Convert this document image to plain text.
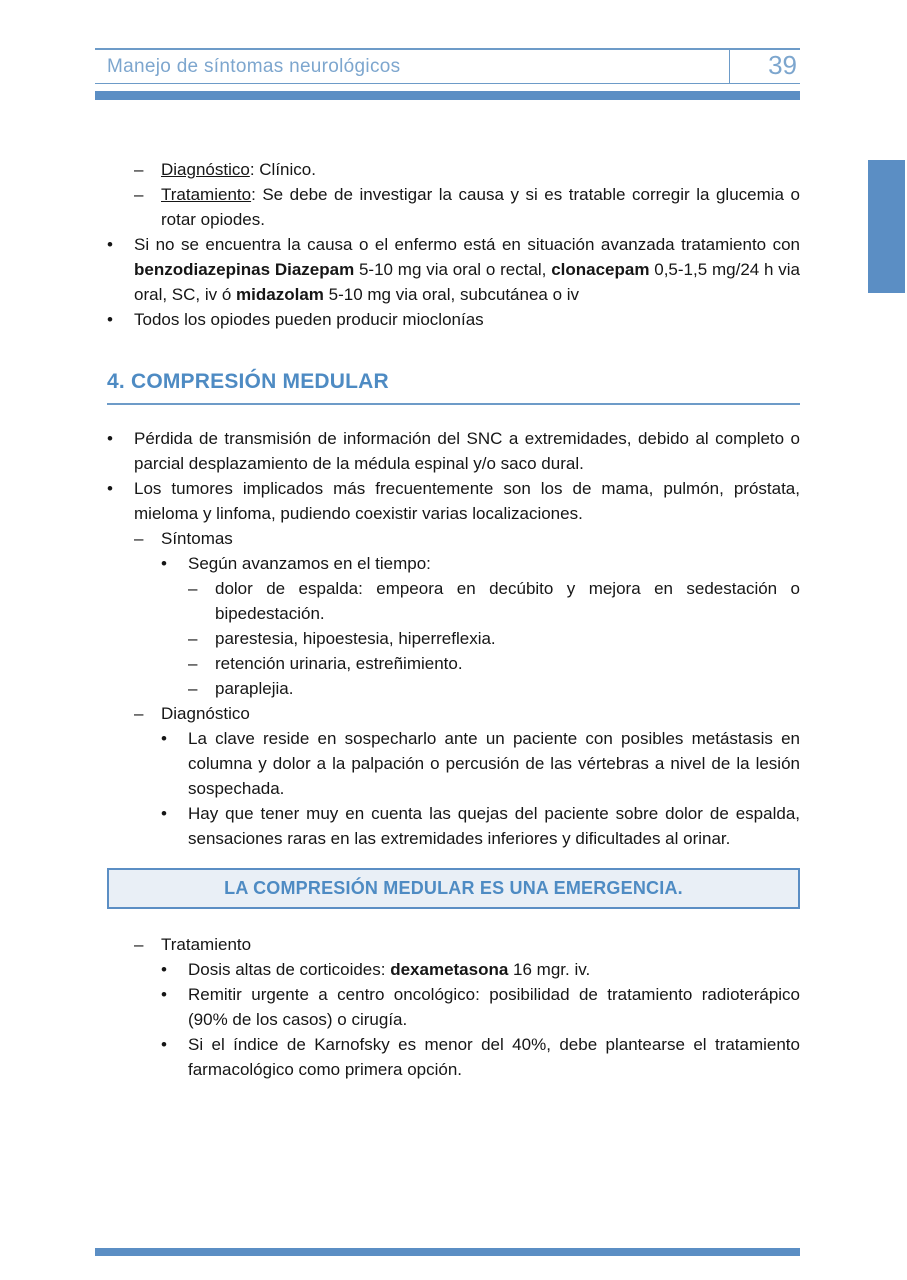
Manejo de síntomas neurológicos	39
–	Diagnóstico: Clínico.
–	Tratamiento: Se debe de investigar la causa y si es tratable corregir la glucemia o rotar opiodes.
•	Si no se encuentra la causa o el enfermo está en situación avanzada tratamiento con benzodiazepinas Diazepam 5-10 mg via oral o rectal, clonacepam 0,5-1,5 mg/24 h via oral, SC, iv ó midazolam 5-10 mg via oral, subcutánea o iv
•	Todos los opiodes pueden producir mioclonías
4. COMPRESIÓN MEDULAR
•	Pérdida de transmisión de información del SNC a extremidades, debido al completo o parcial desplazamiento de la médula espinal y/o saco dural.
•	Los tumores implicados más frecuentemente son los de mama, pulmón, próstata, mieloma y linfoma, pudiendo coexistir varias localizaciones.
–	Síntomas
•	Según avanzamos en el tiempo:
–	dolor de espalda: empeora en decúbito y mejora en sedestación o bipedestación.
–	parestesia, hipoestesia, hiperreflexia.
–	retención urinaria, estreñimiento.
–	paraplejia.
–	Diagnóstico
•	La clave reside en sospecharlo ante un paciente con posibles metástasis en columna y dolor a la palpación o percusión de las vértebras a nivel de la lesión sospechada.
•	Hay que tener muy en cuenta las quejas del paciente sobre dolor de espalda, sensaciones raras en las extremidades inferiores y dificultades al orinar.
LA COMPRESIÓN MEDULAR ES UNA EMERGENCIA.
–	Tratamiento
•	Dosis altas de corticoides: dexametasona 16 mgr. iv.
•	Remitir urgente a centro oncológico: posibilidad de tratamiento radioterápico (90% de los casos) o cirugía.
•	Si el índice de Karnofsky es menor del 40%, debe plantearse el tratamiento farmacológico como primera opción.
